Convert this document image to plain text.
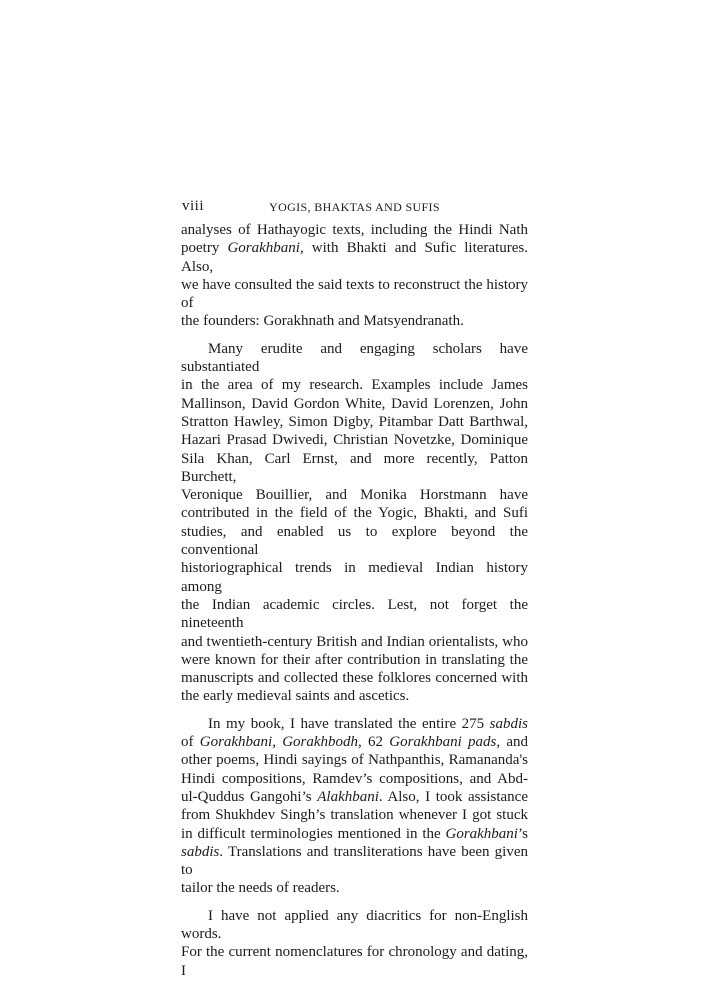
viii	YOGIS, BHAKTAS AND SUFIS
analyses of Hathayogic texts, including the Hindi Nath
poetry Gorakhbani, with Bhakti and Sufic literatures. Also,
we have consulted the said texts to reconstruct the history of
the founders: Gorakhnath and Matsyendranath.
Many erudite and engaging scholars have substantiated
in the area of my research. Examples include James
Mallinson, David Gordon White, David Lorenzen, John
Stratton Hawley, Simon Digby, Pitambar Datt Barthwal,
Hazari Prasad Dwivedi, Christian Novetzke, Dominique
Sila Khan, Carl Ernst, and more recently, Patton Burchett,
Veronique Bouillier, and Monika Horstmann have
contributed in the field of the Yogic, Bhakti, and Sufi
studies, and enabled us to explore beyond the conventional
historiographical trends in medieval Indian history among
the Indian academic circles. Lest, not forget the nineteenth
and twentieth-century British and Indian orientalists, who
were known for their after contribution in translating the
manuscripts and collected these folklores concerned with
the early medieval saints and ascetics.
In my book, I have translated the entire 275 sabdis
of Gorakhbani, Gorakhbodh, 62 Gorakhbani pads, and
other poems, Hindi sayings of Nathpanthis, Ramananda's
Hindi compositions, Ramdev’s compositions, and Abd-
ul-Quddus Gangohi’s Alakhbani. Also, I took assistance
from Shukhdev Singh’s translation whenever I got stuck
in difficult terminologies mentioned in the Gorakhbani’s
sabdis. Translations and transliterations have been given to
tailor the needs of readers.
I have not applied any diacritics for non-English words.
For the current nomenclatures for chronology and dating, I
